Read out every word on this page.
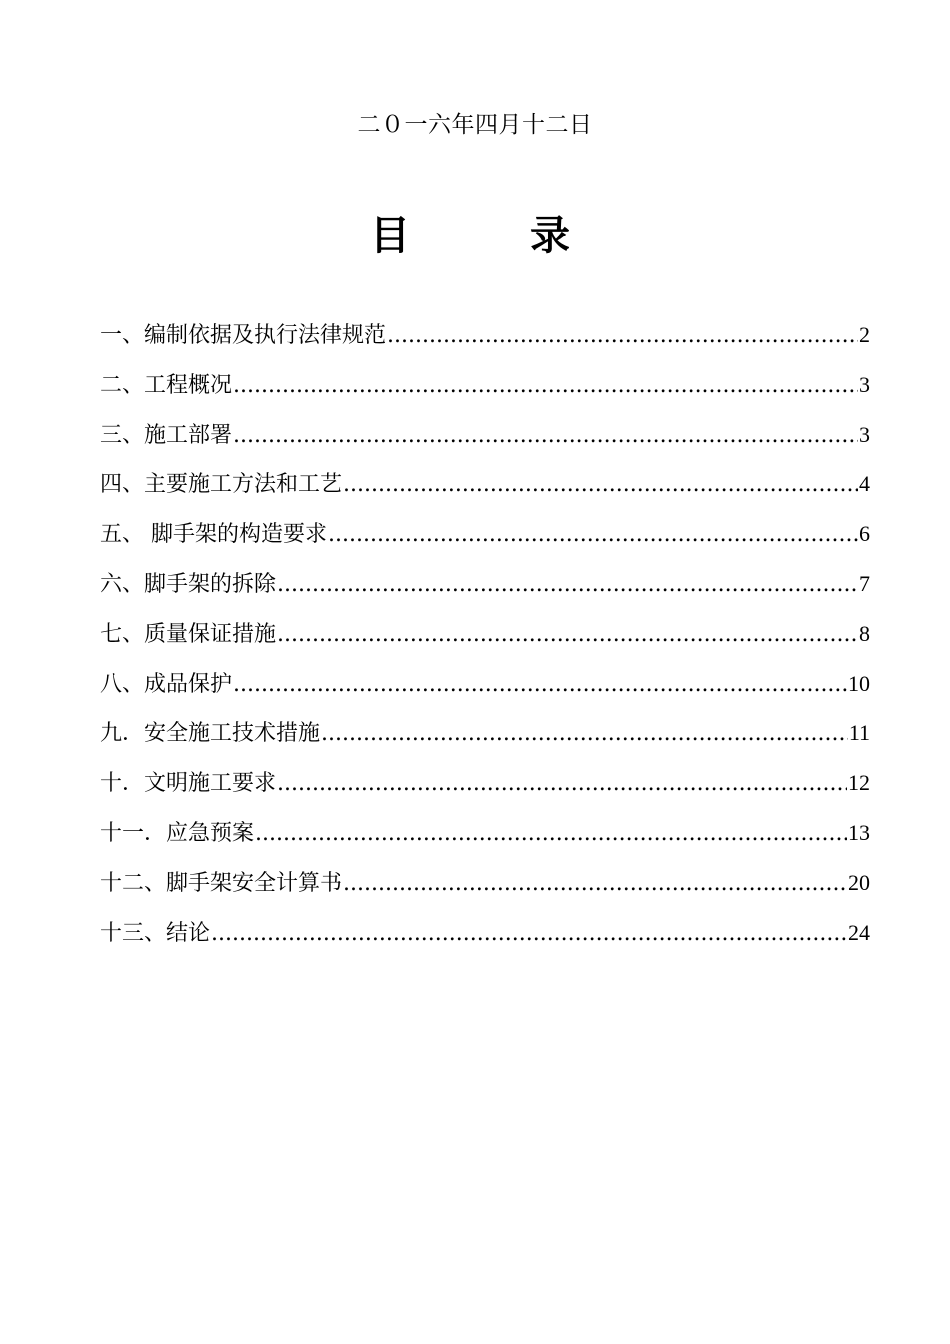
二０一六年四月十二日
目　录
一、编制依据及执行法律规范 .....	2
二、工程概况 .....	3
三、施工部署 .....	3
四、主要施工方法和工艺 .....	4
五、 脚手架的构造要求 .....	6
六、脚手架的拆除 .....	7
七、质量保证措施 .....	8
八、成品保护 .....	10
九．安全施工技术措施 .....	11
十．文明施工要求 .....	12
十一．应急预案 .....	13
十二、脚手架安全计算书 .....	20
十三、结论 .....	24
